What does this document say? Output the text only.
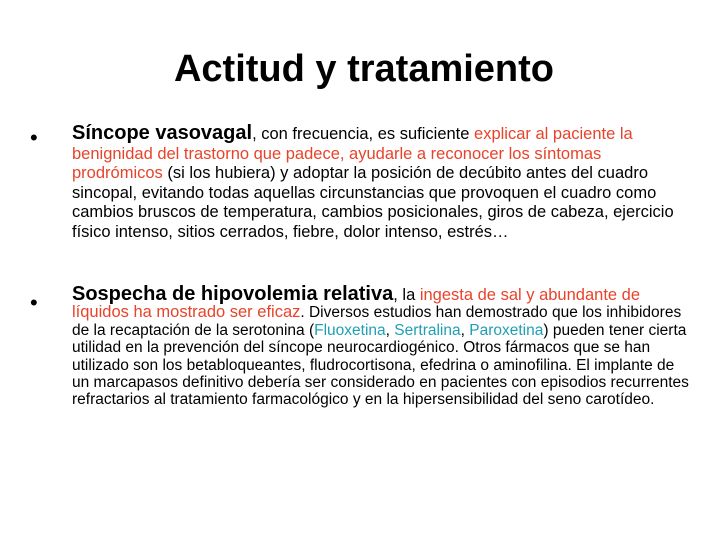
Actitud y tratamiento
• Síncope vasovagal, con frecuencia, es suficiente explicar al paciente la benignidad del trastorno que padece, ayudarle a reconocer los síntomas prodrómicos (si los hubiera) y adoptar la posición de decúbito antes del cuadro sincopal, evitando todas aquellas circunstancias que provoquen el cuadro como cambios bruscos de temperatura, cambios posicionales, giros de cabeza, ejercicio físico intenso, sitios cerrados, fiebre, dolor intenso, estrés…
• Sospecha de hipovolemia relativa, la ingesta de sal y abundante de líquidos ha mostrado ser eficaz. Diversos estudios han demostrado que los inhibidores de la recaptación de la serotonina (Fluoxetina, Sertralina, Paroxetina) pueden tener cierta utilidad en la prevención del síncope neurocardiogénico. Otros fármacos que se han utilizado son los betabloqueantes, fludrocortisona, efedrina o aminofilina. El implante de un marcapasos definitivo debería ser considerado en pacientes con episodios recurrentes refractarios al tratamiento farmacológico y en la hipersensibilidad del seno carotídeo.
